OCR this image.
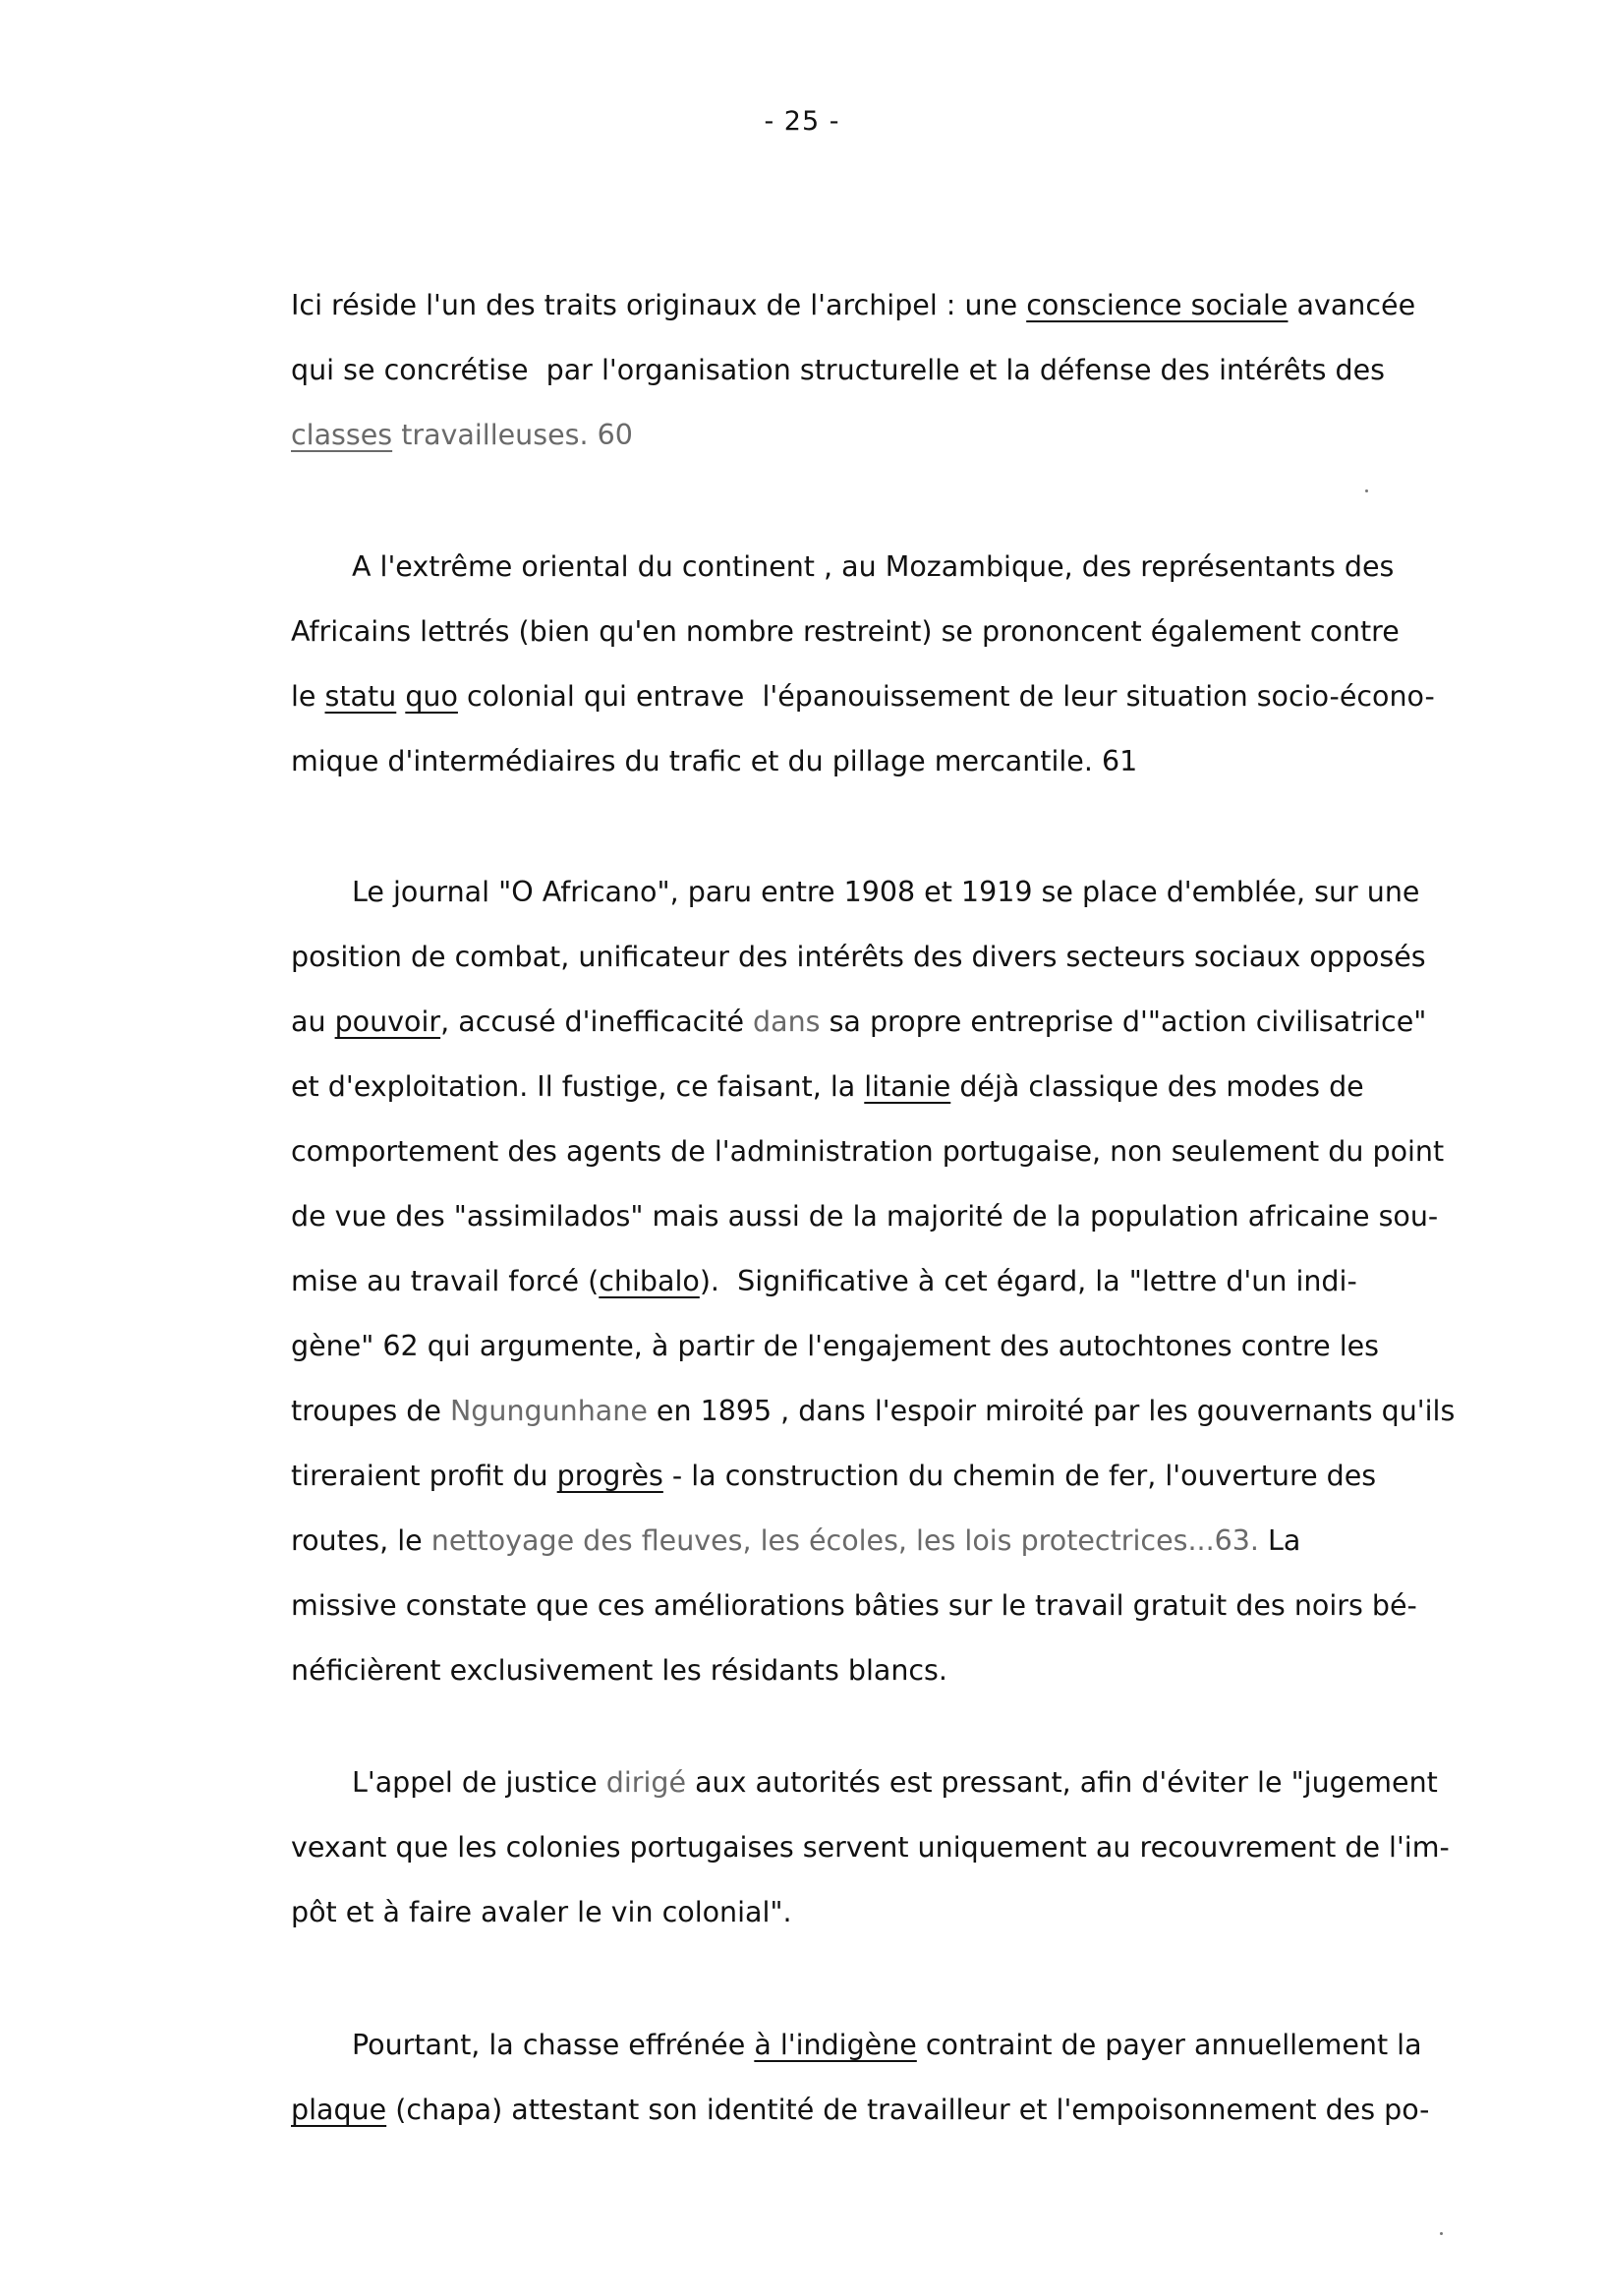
- 25 -
Ici réside l'un des traits originaux de l'archipel : une conscience sociale avancée
qui se concrétise  par l'organisation structurelle et la défense des intérêts des
classes travailleuses. 60
A l'extrême oriental du continent , au Mozambique, des représentants des
Africains lettrés (bien qu'en nombre restreint) se prononcent également contre
le statu quo colonial qui entrave  l'épanouissement de leur situation socio-écono-
mique d'intermédiaires du trafic et du pillage mercantile. 61
Le journal "O Africano", paru entre 1908 et 1919 se place d'emblée, sur une
position de combat, unificateur des intérêts des divers secteurs sociaux opposés
au pouvoir, accusé d'inefficacité dans sa propre entreprise d'"action civilisatrice"
et d'exploitation. Il fustige, ce faisant, la litanie déjà classique des modes de
comportement des agents de l'administration portugaise, non seulement du point
de vue des "assimilados" mais aussi de la majorité de la population africaine sou-
mise au travail forcé (chibalo).  Significative à cet égard, la "lettre d'un indi-
gène" 62 qui argumente, à partir de l'engajement des autochtones contre les
troupes de Ngungunhane en 1895 , dans l'espoir miroité par les gouvernants qu'ils
tireraient profit du progrès - la construction du chemin de fer, l'ouverture des
routes, le nettoyage des fleuves, les écoles, les lois protectrices...63. La
missive constate que ces améliorations bâties sur le travail gratuit des noirs bé-
néficièrent exclusivement les résidants blancs.
L'appel de justice dirigé aux autorités est pressant, afin d'éviter le "jugement
vexant que les colonies portugaises servent uniquement au recouvrement de l'im-
pôt et à faire avaler le vin colonial".
Pourtant, la chasse effrénée à l'indigène contraint de payer annuellement la
plaque (chapa) attestant son identité de travailleur et l'empoisonnement des po-
